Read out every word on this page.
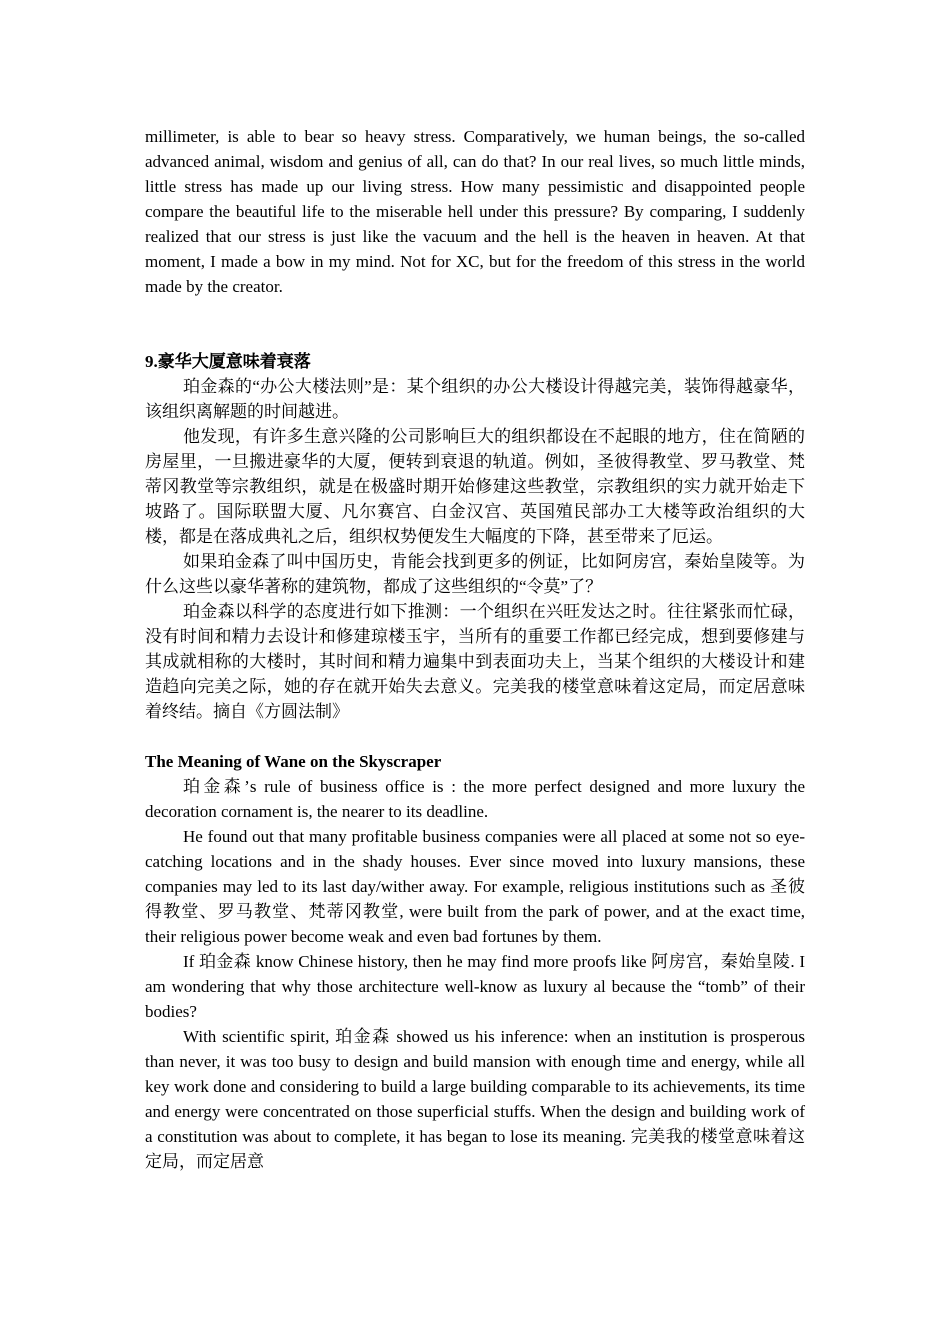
millimeter, is able to bear so heavy stress. Comparatively, we human beings, the so-called advanced animal, wisdom and genius of all, can do that? In our real lives, so much little minds, little stress has made up our living stress. How many pessimistic and disappointed people compare the beautiful life to the miserable hell under this pressure? By comparing, I suddenly realized that our stress is just like the vacuum and the hell is the heaven in heaven. At that moment, I made a bow in my mind. Not for XC, but for the freedom of this stress in the world made by the creator.

9.豪华大厦意味着衰落

珀金森的“办公大楼法则”是：某个组织的办公大楼设计得越完美，装饰得越豪华，该组织离解题的时间越进。

他发现，有许多生意兴隆的公司影响巨大的组织都设在不起眼的地方，住在简陋的房屋里，一旦搬进豪华的大厦，便转到衰退的轨道。例如，圣彼得教堂、罗马教堂、梵蒂冈教堂等宗教组织，就是在极盛时期开始修建这些教堂，宗教组织的实力就开始走下坡路了。国际联盟大厦、凡尔赛宫、白金汉宫、英国殖民部办工大楼等政治组织的大楼，都是在落成典礼之后，组织权势便发生大幅度的下降，甚至带来了厄运。

如果珀金森了叫中国历史，肯能会找到更多的例证，比如阿房宫，秦始皇陵等。为什么这些以豪华著称的建筑物，都成了这些组织的“令莫”了？

珀金森以科学的态度进行如下推测：一个组织在兴旺发达之时。往往紧张而忙碌，没有时间和精力去设计和修建琼楼玉宇，当所有的重要工作都已经完成，想到要修建与其成就相称的大楼时，其时间和精力遍集中到表面功夫上，当某个组织的大楼设计和建造趋向完美之际，她的存在就开始失去意义。完美我的楼堂意味着这定局，而定居意味着终结。摘自《方圆法制》

The Meaning of Wane on the Skyscraper

珀金森’s rule of business office is : the more perfect designed and more luxury the decoration cornament is, the nearer to its deadline.

He found out that many profitable business companies were all placed at some not so eye-catching locations and in the shady houses. Ever since moved into luxury mansions, these companies may led to its last day/wither away. For example, religious institutions such as 圣彼得教堂、罗马教堂、梵蒂冈教堂, were built from the park of power, and at the exact time, their religious power become weak and even bad fortunes by them.

If 珀金森 know Chinese history, then he may find more proofs like 阿房宫，秦始皇陵. I am wondering that why those architecture well-know as luxury al because the “tomb” of their bodies?

With scientific spirit, 珀金森 showed us his inference: when an institution is prosperous than never, it was too busy to design and build mansion with enough time and energy, while all key work done and considering to build a large building comparable to its achievements, its time and energy were concentrated on those superficial stuffs. When the design and building work of a constitution was about to complete, it has began to lose its meaning. 完美我的楼堂意味着这定局，而定居意
